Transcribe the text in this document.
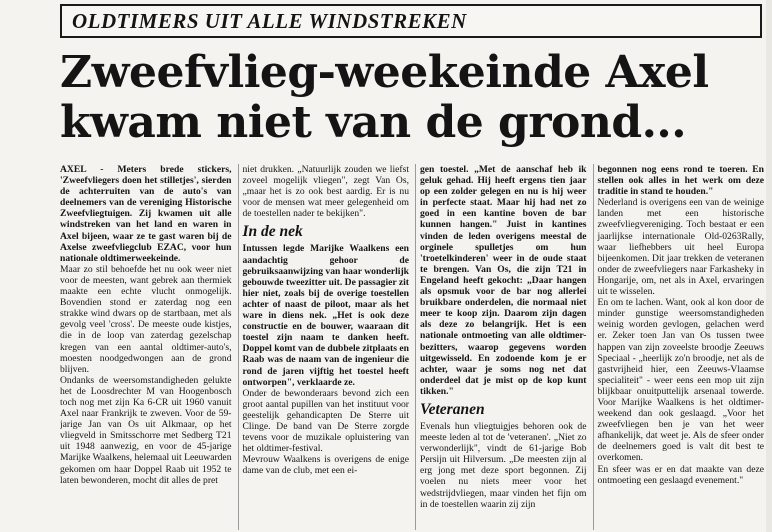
OLDTIMERS UIT ALLE WINDSTREKEN
Zweefvlieg-weekeinde Axel
kwam niet van de grond...

AXEL - Meters brede stickers, 'Zweefvliegers doen het stilletjes', sierden de achterruiten van de auto's van deelnemers van de vereniging Historische Zweefvliegtuigen. Zij kwamen uit alle windstreken van het land en waren in Axel bijeen, waar ze te gast waren bij de Axelse zweefvliegclub EZAC, voor hun nationale oldtimerweekeinde.

Maar zo stil behoefde het nu ook weer niet voor de meesten, want gebrek aan thermiek maakte een echte vlucht onmogelijk. Bovendien stond er zaterdag nog een strakke wind dwars op de startbaan, met als gevolg veel 'cross'. De meeste oude kistjes, die in de loop van zaterdag gezelschap kregen van een aantal oldtimer-auto's, moesten noodgedwongen aan de grond blijven.

Ondanks de weersomstandigheden gelukte het de Loosdrechter M van Hoogenbosch toch nog met zijn Ka 6-CR uit 1960 vanuit Axel naar Frankrijk te zweven. Voor de 59-jarige Jan van Os uit Alkmaar, op het vliegveld in Smitsschorre met Sedberg T21 uit 1948 aanwezig, en voor de 45-jarige Marijke Waalkens, helemaal uit Leeuwarden gekomen om haar Doppel Raab uit 1952 te laten bewonderen, mocht dit alles de pret

niet drukken. „Natuurlijk zouden we liefst zoveel mogelijk vliegen", zegt Van Os, „maar het is zo ook best aardig. Er is nu voor de mensen wat meer gelegenheid om de toestellen nader te bekijken".

In de nek

Intussen legde Marijke Waalkens een aandachtig gehoor de gebruiksaanwijzing van haar wonderlijk gebouwde tweezitter uit. De passagier zit hier niet, zoals bij de overige toestellen achter of naast de piloot, maar als het ware in diens nek. „Het is ook deze constructie en de bouwer, waaraan dit toestel zijn naam te danken heeft. Doppel komt van de dubbele zitplaats en Raab was de naam van de ingenieur die rond de jaren vijftig het toestel heeft ontworpen", verklaarde ze.

Onder de bewonderaars bevond zich een groot aantal pupillen van het instituut voor geestelijk gehandicapten De Sterre uit Clinge. De band van De Sterre zorgde tevens voor de muzikale opluistering van het oldtimer-festival.

Mevrouw Waalkens is overigens de enige dame van de club, met een ei-

gen toestel. „Met de aanschaf heb ik geluk gehad. Hij heeft ergens tien jaar op een zolder gelegen en nu is hij weer in perfecte staat. Maar hij had net zo goed in een kantine boven de bar kunnen hangen." Juist in kantines vinden de leden overigens meestal de orginele spulletjes om hun 'troetelkinderen' weer in de oude staat te brengen. Van Os, die zijn T21 in Engeland heeft gekocht: „Daar hangen als opsmuk voor de bar nog allerlei bruikbare onderdelen, die normaal niet meer te koop zijn. Daarom zijn dagen als deze zo belangrijk. Het is een nationale ontmoeting van alle oldtimer-bezitters, waarop gegevens worden uitgewisseld. En zodoende kom je er achter, waar je soms nog net dat onderdeel dat je mist op de kop kunt tikken."

Veteranen

Evenals hun vliegtuigjes behoren ook de meeste leden al tot de 'veteranen'. „Niet zo verwonderlijk", vindt de 61-jarige Bob Persijn uit Hilversum. „De meesten zijn al erg jong met deze sport begonnen. Zij voelen nu niets meer voor het wedstrijdvliegen, maar vinden het fijn om in de toestellen waarin zij zijn

begonnen nog eens rond te toeren. En stellen ook alles in het werk om deze traditie in stand te houden."

Nederland is overigens een van de weinige landen met een historische zweefvliegvereniging. Toch bestaat er een jaarlijkse internationale Old-0263Rally, waar liefhebbers uit heel Europa bijeenkomen. Dit jaar trekken de veteranen onder de zweefvliegers naar Farkasheky in Hongarije, om, net als in Axel, ervaringen uit te wisselen.

En om te lachen. Want, ook al kon door de minder gunstige weersomstandigheden weinig worden gevlogen, gelachen werd er. Zeker toen Jan van Os tussen twee happen van zijn zoveelste broodje Zeeuws Speciaal - „heerlijk zo'n broodje, net als de gastvrijheid hier, een Zeeuws-Vlaamse specialiteit" - weer eens een mop uit zijn blijkbaar onuitputtelijk arsenaal towerde. Voor Marijke Waalkens is het oldtimer-weekend dan ook geslaagd. „Voor het zweefvliegen ben je van het weer afhankelijk, dat weet je. Als de sfeer onder de deelnemers goed is valt dit best te overkomen.

En sfeer was er en dat maakte van deze ontmoeting een geslaagd evenement."
